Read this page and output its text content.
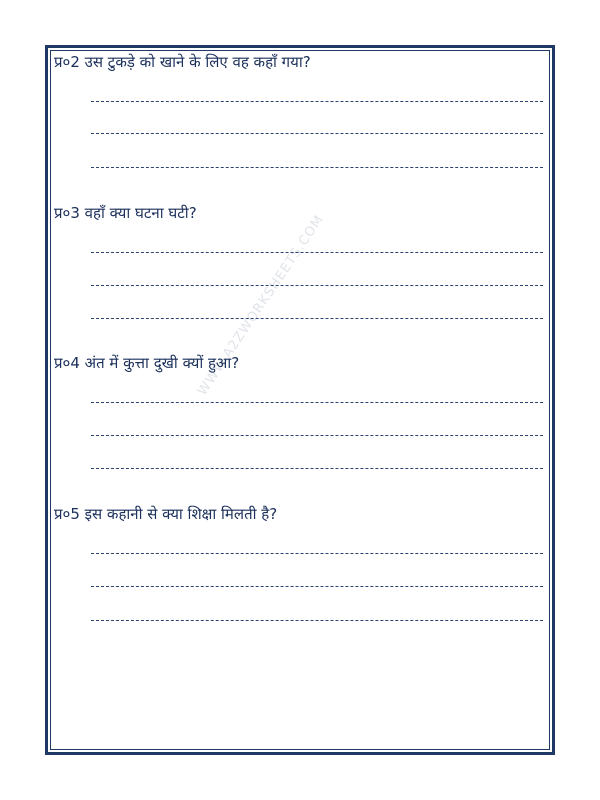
WWW.A2ZWORKSHEETS.COM
प्र०2 उस टुकड़े को खाने के लिए वह कहाँ गया?
प्र०3 वहाँ क्या घटना घटी?
प्र०4 अंत में कुत्ता दुखी क्यों हुआ?
प्र०5 इस कहानी से क्या शिक्षा मिलती है?
